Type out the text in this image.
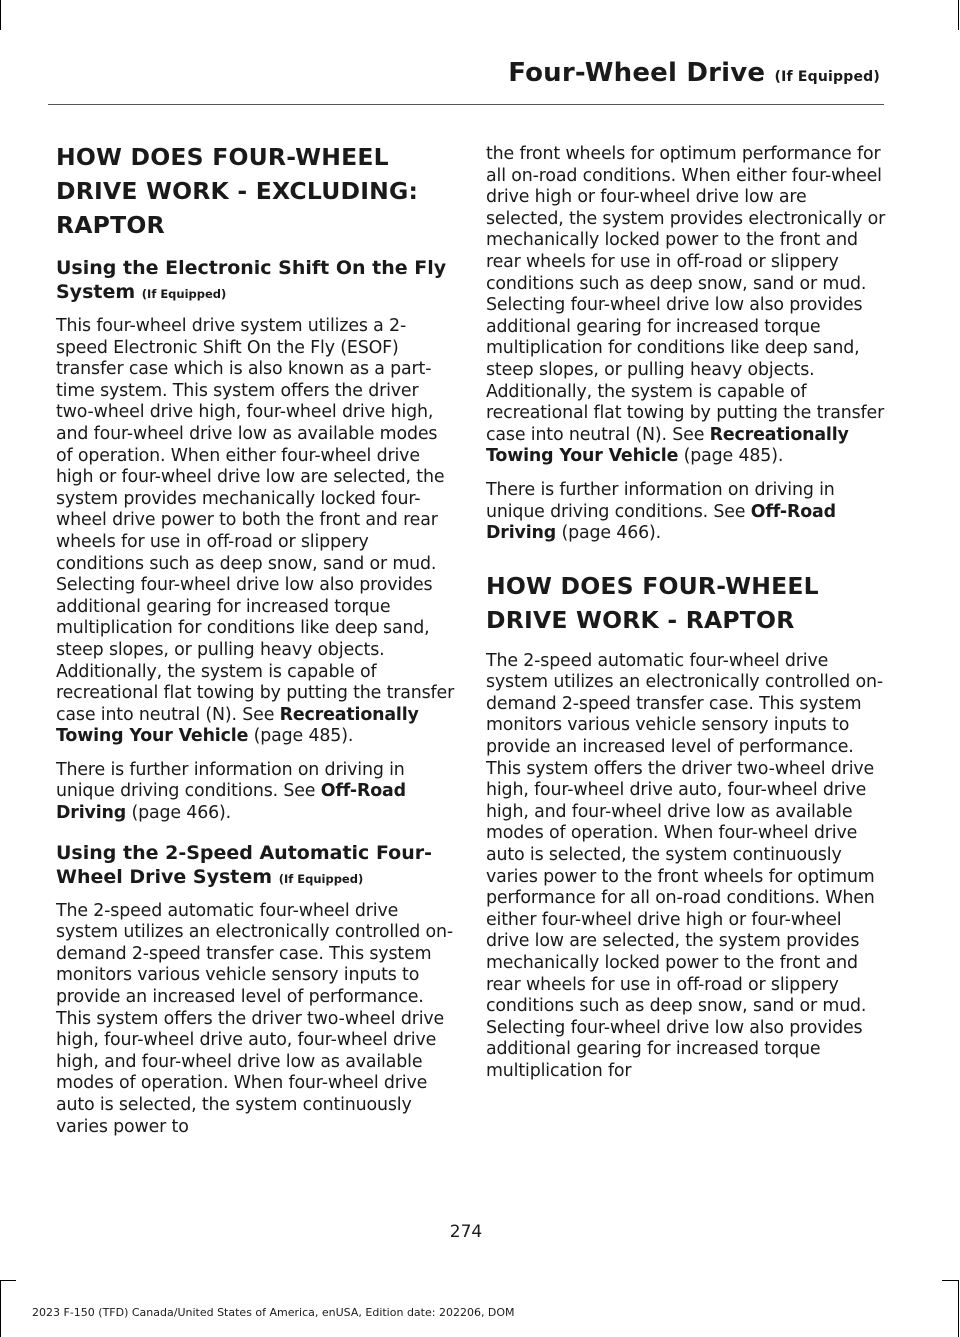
Four-Wheel Drive (If Equipped)
HOW DOES FOUR-WHEEL DRIVE WORK - EXCLUDING: RAPTOR
Using the Electronic Shift On the Fly System (If Equipped)

This four-wheel drive system utilizes a 2-speed Electronic Shift On the Fly (ESOF) transfer case which is also known as a part-time system. This system offers the driver two-wheel drive high, four-wheel drive high, and four-wheel drive low as available modes of operation. When either four-wheel drive high or four-wheel drive low are selected, the system provides mechanically locked four-wheel drive power to both the front and rear wheels for use in off-road or slippery conditions such as deep snow, sand or mud. Selecting four-wheel drive low also provides additional gearing for increased torque multiplication for conditions like deep sand, steep slopes, or pulling heavy objects. Additionally, the system is capable of recreational flat towing by putting the transfer case into neutral (N). See Recreationally Towing Your Vehicle (page 485).

There is further information on driving in unique driving conditions. See Off-Road Driving (page 466).

Using the 2-Speed Automatic Four-Wheel Drive System (If Equipped)

The 2-speed automatic four-wheel drive system utilizes an electronically controlled on-demand 2-speed transfer case. This system monitors various vehicle sensory inputs to provide an increased level of performance. This system offers the driver two-wheel drive high, four-wheel drive auto, four-wheel drive high, and four-wheel drive low as available modes of operation. When four-wheel drive auto is selected, the system continuously varies power to

the front wheels for optimum performance for all on-road conditions. When either four-wheel drive high or four-wheel drive low are selected, the system provides electronically or mechanically locked power to the front and rear wheels for use in off-road or slippery conditions such as deep snow, sand or mud. Selecting four-wheel drive low also provides additional gearing for increased torque multiplication for conditions like deep sand, steep slopes, or pulling heavy objects. Additionally, the system is capable of recreational flat towing by putting the transfer case into neutral (N). See Recreationally Towing Your Vehicle (page 485).

There is further information on driving in unique driving conditions. See Off-Road Driving (page 466).

HOW DOES FOUR-WHEEL DRIVE WORK - RAPTOR

The 2-speed automatic four-wheel drive system utilizes an electronically controlled on-demand 2-speed transfer case. This system monitors various vehicle sensory inputs to provide an increased level of performance. This system offers the driver two-wheel drive high, four-wheel drive auto, four-wheel drive high, and four-wheel drive low as available modes of operation. When four-wheel drive auto is selected, the system continuously varies power to the front wheels for optimum performance for all on-road conditions. When either four-wheel drive high or four-wheel drive low are selected, the system provides mechanically locked power to the front and rear wheels for use in off-road or slippery conditions such as deep snow, sand or mud. Selecting four-wheel drive low also provides additional gearing for increased torque multiplication for

274
2023 F-150 (TFD) Canada/United States of America, enUSA, Edition date: 202206, DOM
